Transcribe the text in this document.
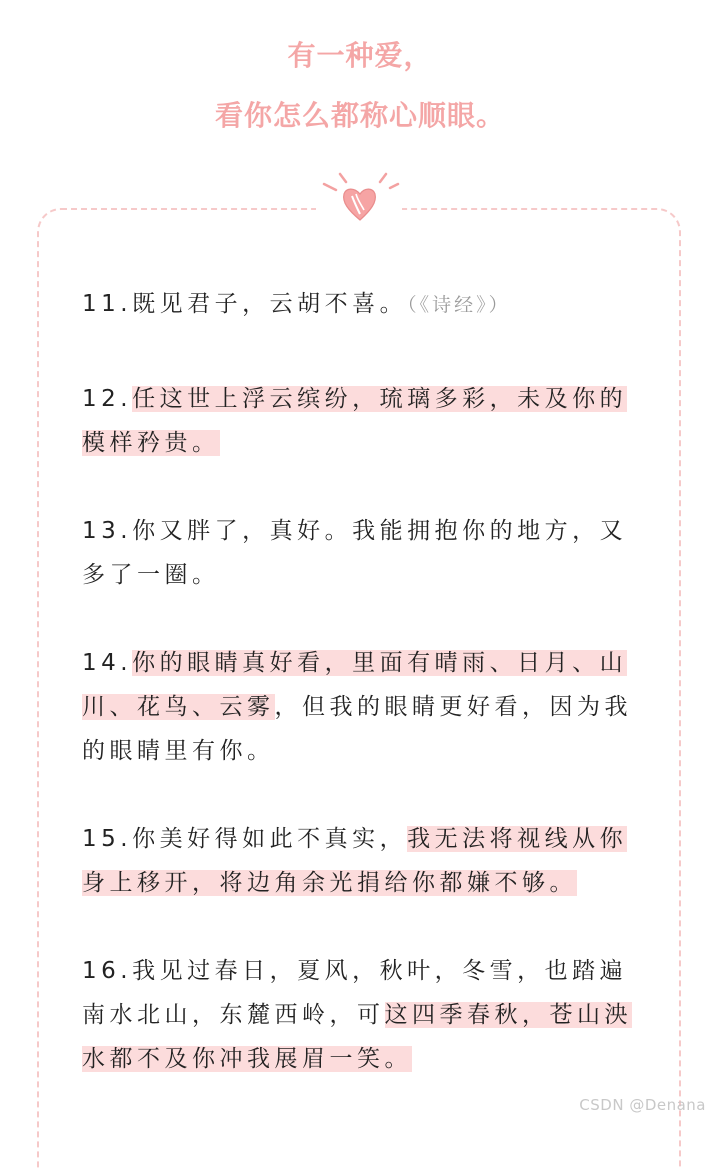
有一种爱，
看你怎么都称心顺眼。
11.既见君子，云胡不喜。（《诗经》）
12.任这世上浮云缤纷，琉璃多彩，未及你的模样矜贵。
13.你又胖了，真好。我能拥抱你的地方，又多了一圈。
14.你的眼睛真好看，里面有晴雨、日月、山川、花鸟、云雾，但我的眼睛更好看，因为我的眼睛里有你。
15.你美好得如此不真实，我无法将视线从你身上移开，将边角余光捐给你都嫌不够。
16.我见过春日，夏风，秋叶，冬雪，也踏遍南水北山，东麓西岭，可这四季春秋，苍山泱水都不及你冲我展眉一笑。
CSDN @Denana
